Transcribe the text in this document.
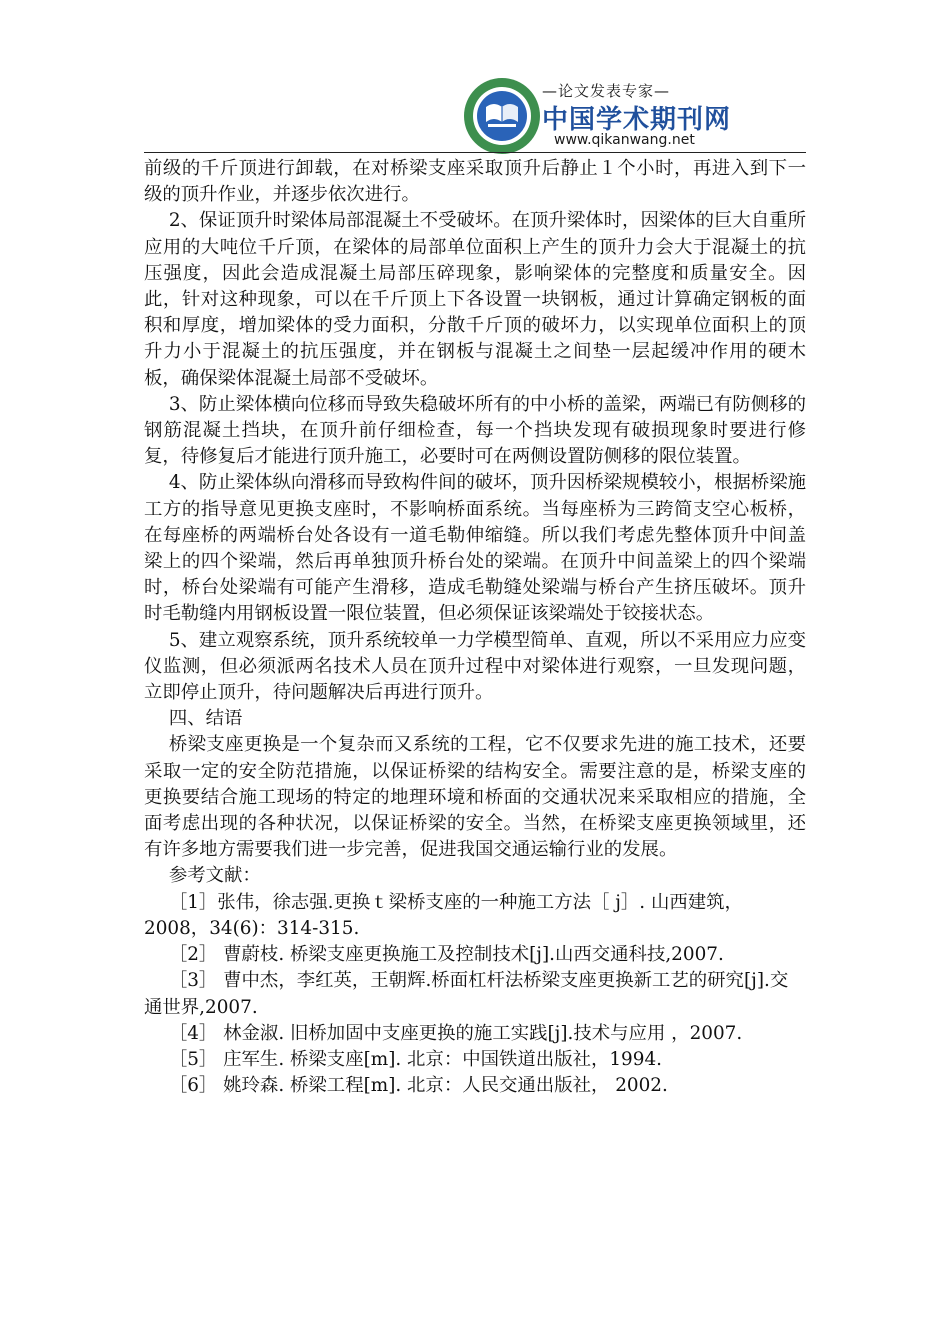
—论文发表专家—
中国学术期刊网
www.qikanwang.net

前级的千斤顶进行卸载，在对桥梁支座采取顶升后静止１个小时，再进入到下一级的顶升作业，并逐步依次进行。

2、保证顶升时梁体局部混凝土不受破坏。在顶升梁体时，因梁体的巨大自重所应用的大吨位千斤顶，在梁体的局部单位面积上产生的顶升力会大于混凝土的抗压强度，因此会造成混凝土局部压碎现象，影响梁体的完整度和质量安全。因此，针对这种现象，可以在千斤顶上下各设置一块钢板，通过计算确定钢板的面积和厚度，增加梁体的受力面积，分散千斤顶的破坏力，以实现单位面积上的顶升力小于混凝土的抗压强度，并在钢板与混凝土之间垫一层起缓冲作用的硬木板，确保梁体混凝土局部不受破坏。

3、防止梁体横向位移而导致失稳破坏所有的中小桥的盖梁，两端已有防侧移的钢筋混凝土挡块，在顶升前仔细检查，每一个挡块发现有破损现象时要进行修复，待修复后才能进行顶升施工，必要时可在两侧设置防侧移的限位装置。

4、防止梁体纵向滑移而导致构件间的破坏，顶升因桥梁规模较小，根据桥梁施工方的指导意见更换支座时，不影响桥面系统。当每座桥为三跨简支空心板桥，在每座桥的两端桥台处各设有一道毛勒伸缩缝。所以我们考虑先整体顶升中间盖梁上的四个梁端，然后再单独顶升桥台处的梁端。在顶升中间盖梁上的四个梁端时，桥台处梁端有可能产生滑移，造成毛勒缝处梁端与桥台产生挤压破坏。顶升时毛勒缝内用钢板设置一限位装置，但必须保证该梁端处于铰接状态。

5、建立观察系统，顶升系统较单一力学模型简单、直观，所以不采用应力应变仪监测，但必须派两名技术人员在顶升过程中对梁体进行观察，一旦发现问题，立即停止顶升，待问题解决后再进行顶升。

四、结语

桥梁支座更换是一个复杂而又系统的工程，它不仅要求先进的施工技术，还要采取一定的安全防范措施，以保证桥梁的结构安全。需要注意的是，桥梁支座的更换要结合施工现场的特定的地理环境和桥面的交通状况来采取相应的措施，全面考虑出现的各种状况，以保证桥梁的安全。当然，在桥梁支座更换领域里，还有许多地方需要我们进一步完善，促进我国交通运输行业的发展。

参考文献：

［1］张伟，徐志强.更换ｔ梁桥支座的一种施工方法［ j］. 山西建筑，2008，34(6)：314-315.

［2］ 曹蔚枝. 桥梁支座更换施工及控制技术[j].山西交通科技,2007.

［3］ 曹中杰，李红英，王朝辉.桥面杠杆法桥梁支座更换新工艺的研究[j].交通世界,2007.

［4］ 林金淑. 旧桥加固中支座更换的施工实践[j].技术与应用 ，2007.

［5］ 庄军生. 桥梁支座[m]. 北京：中国铁道出版社，1994.

［6］ 姚玲森. 桥梁工程[m]. 北京：人民交通出版社， 2002.
